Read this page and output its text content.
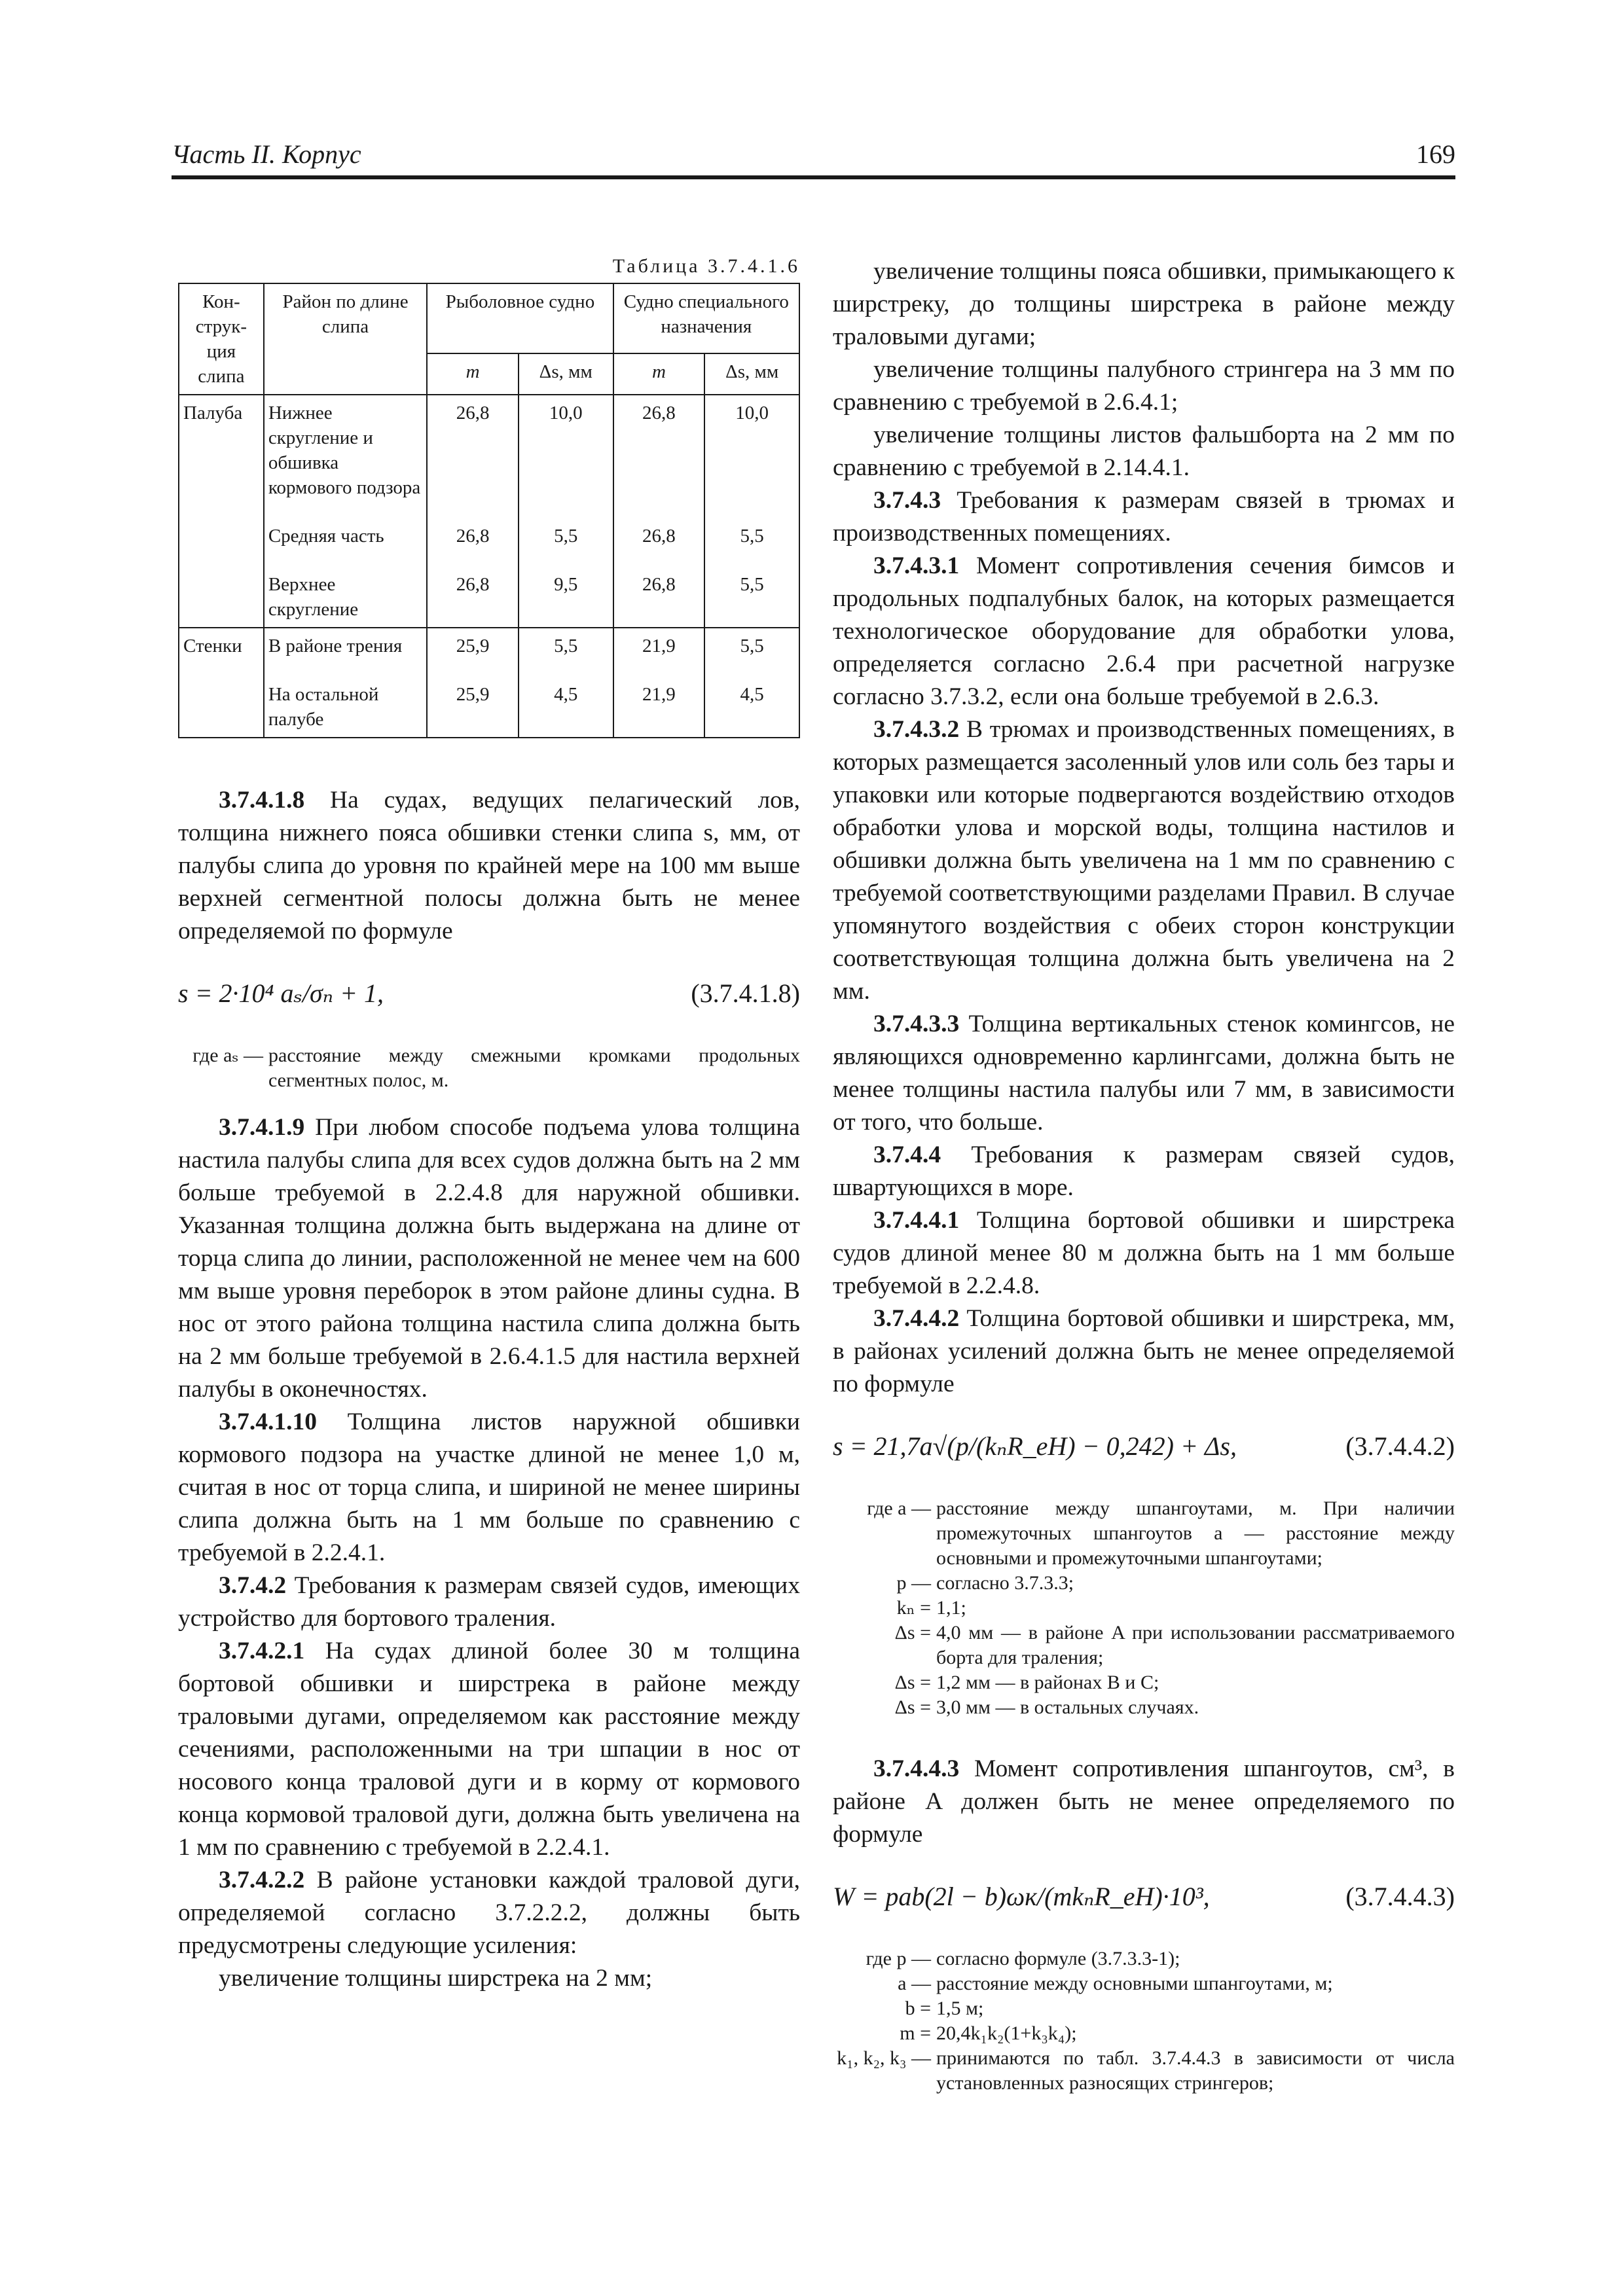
Часть II. Корпус	169
Таблица 3.7.4.1.6
Кон-струк-ция слипа	Район по длине слипа	Рыболовное судно		Судно специального назначения	
		m	Δs, мм	m	Δs, мм
Палуба	Нижнее скругление и обшивка кормового подзора	26,8	10,0	26,8	10,0
	Средняя часть	26,8	5,5	26,8	5,5
	Верхнее скругление	26,8	9,5	26,8	5,5
Стенки	В районе трения	25,9	5,5	21,9	5,5
	На остальной палубе	25,9	4,5	21,9	4,5

3.7.4.1.8 На судах, ведущих пелагический лов, толщина нижнего пояса обшивки стенки слипа s, мм, от палубы слипа до уровня по крайней мере на 100 мм выше верхней сегментной полосы должна быть не менее определяемой по формуле

s = 2·10⁴ aₛ/σₙ + 1,	(3.7.4.1.8)
где aₛ — расстояние между смежными кромками продольных сегментных полос, м.

3.7.4.1.9 При любом способе подъема улова толщина настила палубы слипа для всех судов должна быть на 2 мм больше требуемой в 2.2.4.8 для наружной обшивки. Указанная толщина должна быть выдержана на длине от торца слипа до линии, расположенной не менее чем на 600 мм выше уровня переборок в этом районе длины судна. В нос от этого района толщина настила слипа должна быть на 2 мм больше требуемой в 2.6.4.1.5 для настила верхней палубы в оконечностях.

3.7.4.1.10 Толщина листов наружной обшивки кормового подзора на участке длиной не менее 1,0 м, считая в нос от торца слипа, и шириной не менее ширины слипа должна быть на 1 мм больше по сравнению с требуемой в 2.2.4.1.

3.7.4.2 Требования к размерам связей судов, имеющих устройство для бортового траления.

3.7.4.2.1 На судах длиной более 30 м толщина бортовой обшивки и ширстрека в районе между траловыми дугами, определяемом как расстояние между сечениями, расположенными на три шпации в нос от носового конца траловой дуги и в корму от кормового конца кормовой траловой дуги, должна быть увеличена на 1 мм по сравнению с требуемой в 2.2.4.1.

3.7.4.2.2 В районе установки каждой траловой дуги, определяемой согласно 3.7.2.2.2, должны быть предусмотрены следующие усиления:

увеличение толщины ширстрека на 2 мм;

увеличение толщины пояса обшивки, примыкающего к ширстреку, до толщины ширстрека в районе между траловыми дугами;

увеличение толщины палубного стрингера на 3 мм по сравнению с требуемой в 2.6.4.1;

увеличение толщины листов фальшборта на 2 мм по сравнению с требуемой в 2.14.4.1.

3.7.4.3 Требования к размерам связей в трюмах и производственных помещениях.

3.7.4.3.1 Момент сопротивления сечения бимсов и продольных подпалубных балок, на которых размещается технологическое оборудование для обработки улова, определяется согласно 2.6.4 при расчетной нагрузке согласно 3.7.3.2, если она больше требуемой в 2.6.3.

3.7.4.3.2 В трюмах и производственных помещениях, в которых размещается засоленный улов или соль без тары и упаковки или которые подвергаются воздействию отходов обработки улова и морской воды, толщина настилов и обшивки должна быть увеличена на 1 мм по сравнению с требуемой соответствующими разделами Правил. В случае упомянутого воздействия с обеих сторон конструкции соответствующая толщина должна быть увеличена на 2 мм.

3.7.4.3.3 Толщина вертикальных стенок комингсов, не являющихся одновременно карлингсами, должна быть не менее толщины настила палубы или 7 мм, в зависимости от того, что больше.

3.7.4.4 Требования к размерам связей судов, швартующихся в море.

3.7.4.4.1 Толщина бортовой обшивки и ширстрека судов длиной менее 80 м должна быть на 1 мм больше требуемой в 2.2.4.8.

3.7.4.4.2 Толщина бортовой обшивки и ширстрека, мм, в районах усилений должна быть не менее определяемой по формуле

s = 21,7a√(p/(kₙR_eH) − 0,242) + Δs,	(3.7.4.4.2)
где a — расстояние между шпангоутами, м. При наличии промежуточных шпангоутов a — расстояние между основными и промежуточными шпангоутами;
p — согласно 3.7.3.3;
kₙ = 1,1;
Δs = 4,0 мм — в районе A при использовании рассматриваемого борта для траления;
Δs = 1,2 мм — в районах B и C;
Δs = 3,0 мм — в остальных случаях.

3.7.4.4.3 Момент сопротивления шпангоутов, см³, в районе A должен быть не менее определяемого по формуле

W = pab(2l − b)ωк/(mkₙR_eH)·10³,	(3.7.4.4.3)
где p — согласно формуле (3.7.3.3-1);
a — расстояние между основными шпангоутами, м;
b = 1,5 м;
m = 20,4k₁k₂(1+k₃k₄);
k₁, k₂, k₃ — принимаются по табл. 3.7.4.4.3 в зависимости от числа установленных разносящих стрингеров;
